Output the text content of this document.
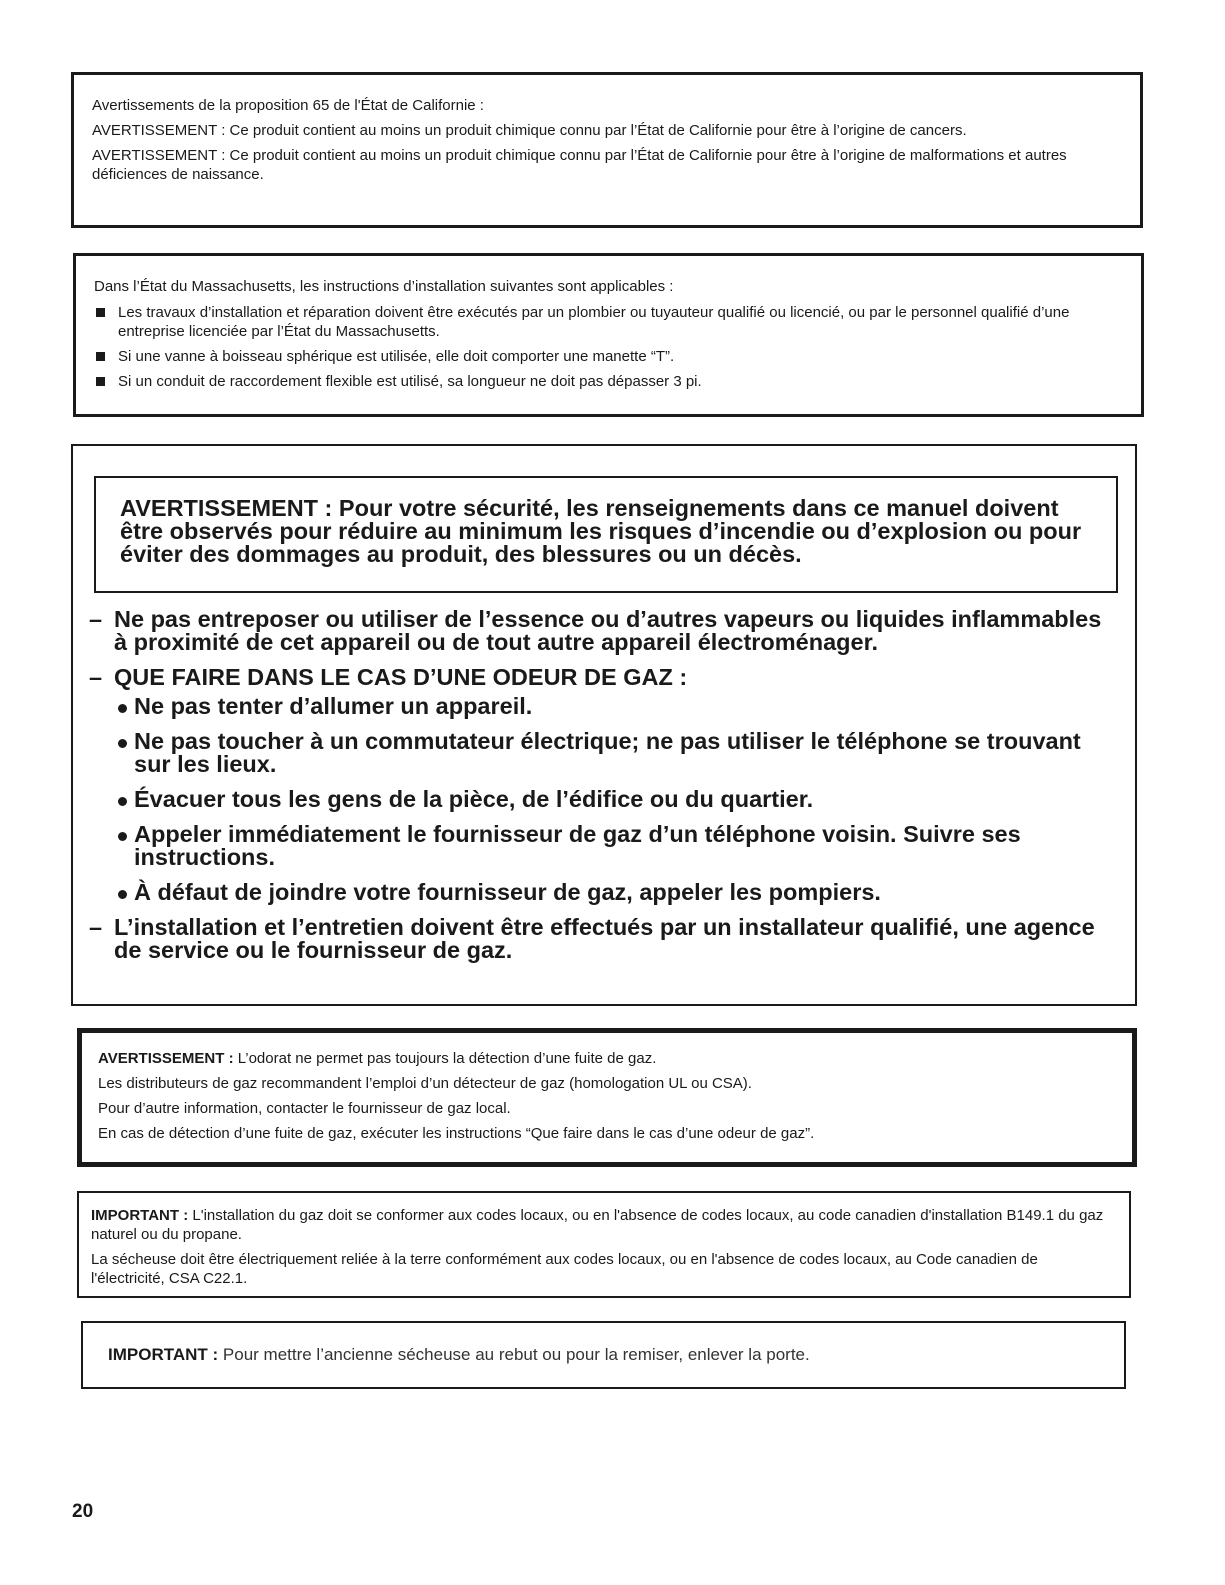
Avertissements de la proposition 65 de l'État de Californie :

AVERTISSEMENT : Ce produit contient au moins un produit chimique connu par l’État de Californie pour être à l’origine de cancers.

AVERTISSEMENT : Ce produit contient au moins un produit chimique connu par l’État de Californie pour être à l’origine de malformations et autres déficiences de naissance.

Dans l’État du Massachusetts, les instructions d’installation suivantes sont applicables :

Les travaux d’installation et réparation doivent être exécutés par un plombier ou tuyauteur qualifié ou licencié, ou par le personnel qualifié d’une entreprise licenciée par l’État du Massachusetts.
Si une vanne à boisseau sphérique est utilisée, elle doit comporter une manette “T”.
Si un conduit de raccordement flexible est utilisé, sa longueur ne doit pas dépasser 3 pi.
AVERTISSEMENT : Pour votre sécurité, les renseignements dans ce manuel doivent être observés pour réduire au minimum les risques d’incendie ou d’explosion ou pour éviter des dommages au produit, des blessures ou un décès.
– Ne pas entreposer ou utiliser de l’essence ou d’autres vapeurs ou liquides inflammables à proximité de cet appareil ou de tout autre appareil électroménager.
– QUE FAIRE DANS LE CAS D’UNE ODEUR DE GAZ :
Ne pas tenter d’allumer un appareil.
Ne pas toucher à un commutateur électrique; ne pas utiliser le téléphone se trouvant sur les lieux.
Évacuer tous les gens de la pièce, de l’édifice ou du quartier.
Appeler immédiatement le fournisseur de gaz d’un téléphone voisin. Suivre ses instructions.
À défaut de joindre votre fournisseur de gaz, appeler les pompiers.
– L’installation et l’entretien doivent être effectués par un installateur qualifié, une agence de service ou le fournisseur de gaz.

AVERTISSEMENT : L’odorat ne permet pas toujours la détection d’une fuite de gaz.

Les distributeurs de gaz recommandent l’emploi d’un détecteur de gaz (homologation UL ou CSA).

Pour d’autre information, contacter le fournisseur de gaz local.

En cas de détection d’une fuite de gaz, exécuter les instructions “Que faire dans le cas d’une odeur de gaz”.

IMPORTANT : L'installation du gaz doit se conformer aux codes locaux, ou en l'absence de codes locaux, au code canadien d'installation B149.1 du gaz naturel ou du propane.

La sécheuse doit être électriquement reliée à la terre conformément aux codes locaux, ou en l'absence de codes locaux, au Code canadien de l'électricité, CSA C22.1.

IMPORTANT : Pour mettre l’ancienne sécheuse au rebut ou pour la remiser, enlever la porte.
20
